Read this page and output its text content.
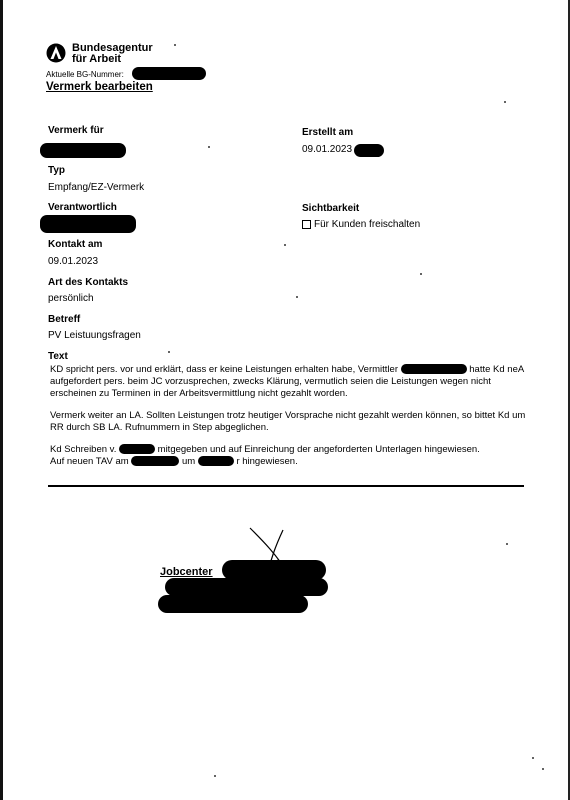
Bundesagentur
für Arbeit
Aktuelle BG-Nummer:
Vermerk bearbeiten
Vermerk für	Erstellt am
09.01.2023
Typ
Empfang/EZ-Vermerk
Verantwortlich	Sichtbarkeit
Für Kunden freischalten
Kontakt am
09.01.2023
Art des Kontakts
persönlich
Betreff
PV Leistuungsfragen
Text

KD spricht pers. vor und erklärt, dass er keine Leistungen erhalten habe, Vermittler	hatte Kd neA aufgefordert pers. beim JC vorzusprechen, zwecks Klärung, vermutlich seien die Leistungen wegen nicht erscheinen zu Terminen in der Arbeitsvermittlung nicht gezahlt worden.

Vermerk weiter an LA. Sollten Leistungen trotz heutiger Vorsprache nicht gezahlt werden können, so bittet Kd um RR durch SB LA. Rufnummern in Step abgeglichen.

Kd Schreiben v.	mitgegeben und auf Einreichung der angeforderten Unterlagen hingewiesen.
Auf neuen TAV am	um	r hingewiesen.
Jobcenter
